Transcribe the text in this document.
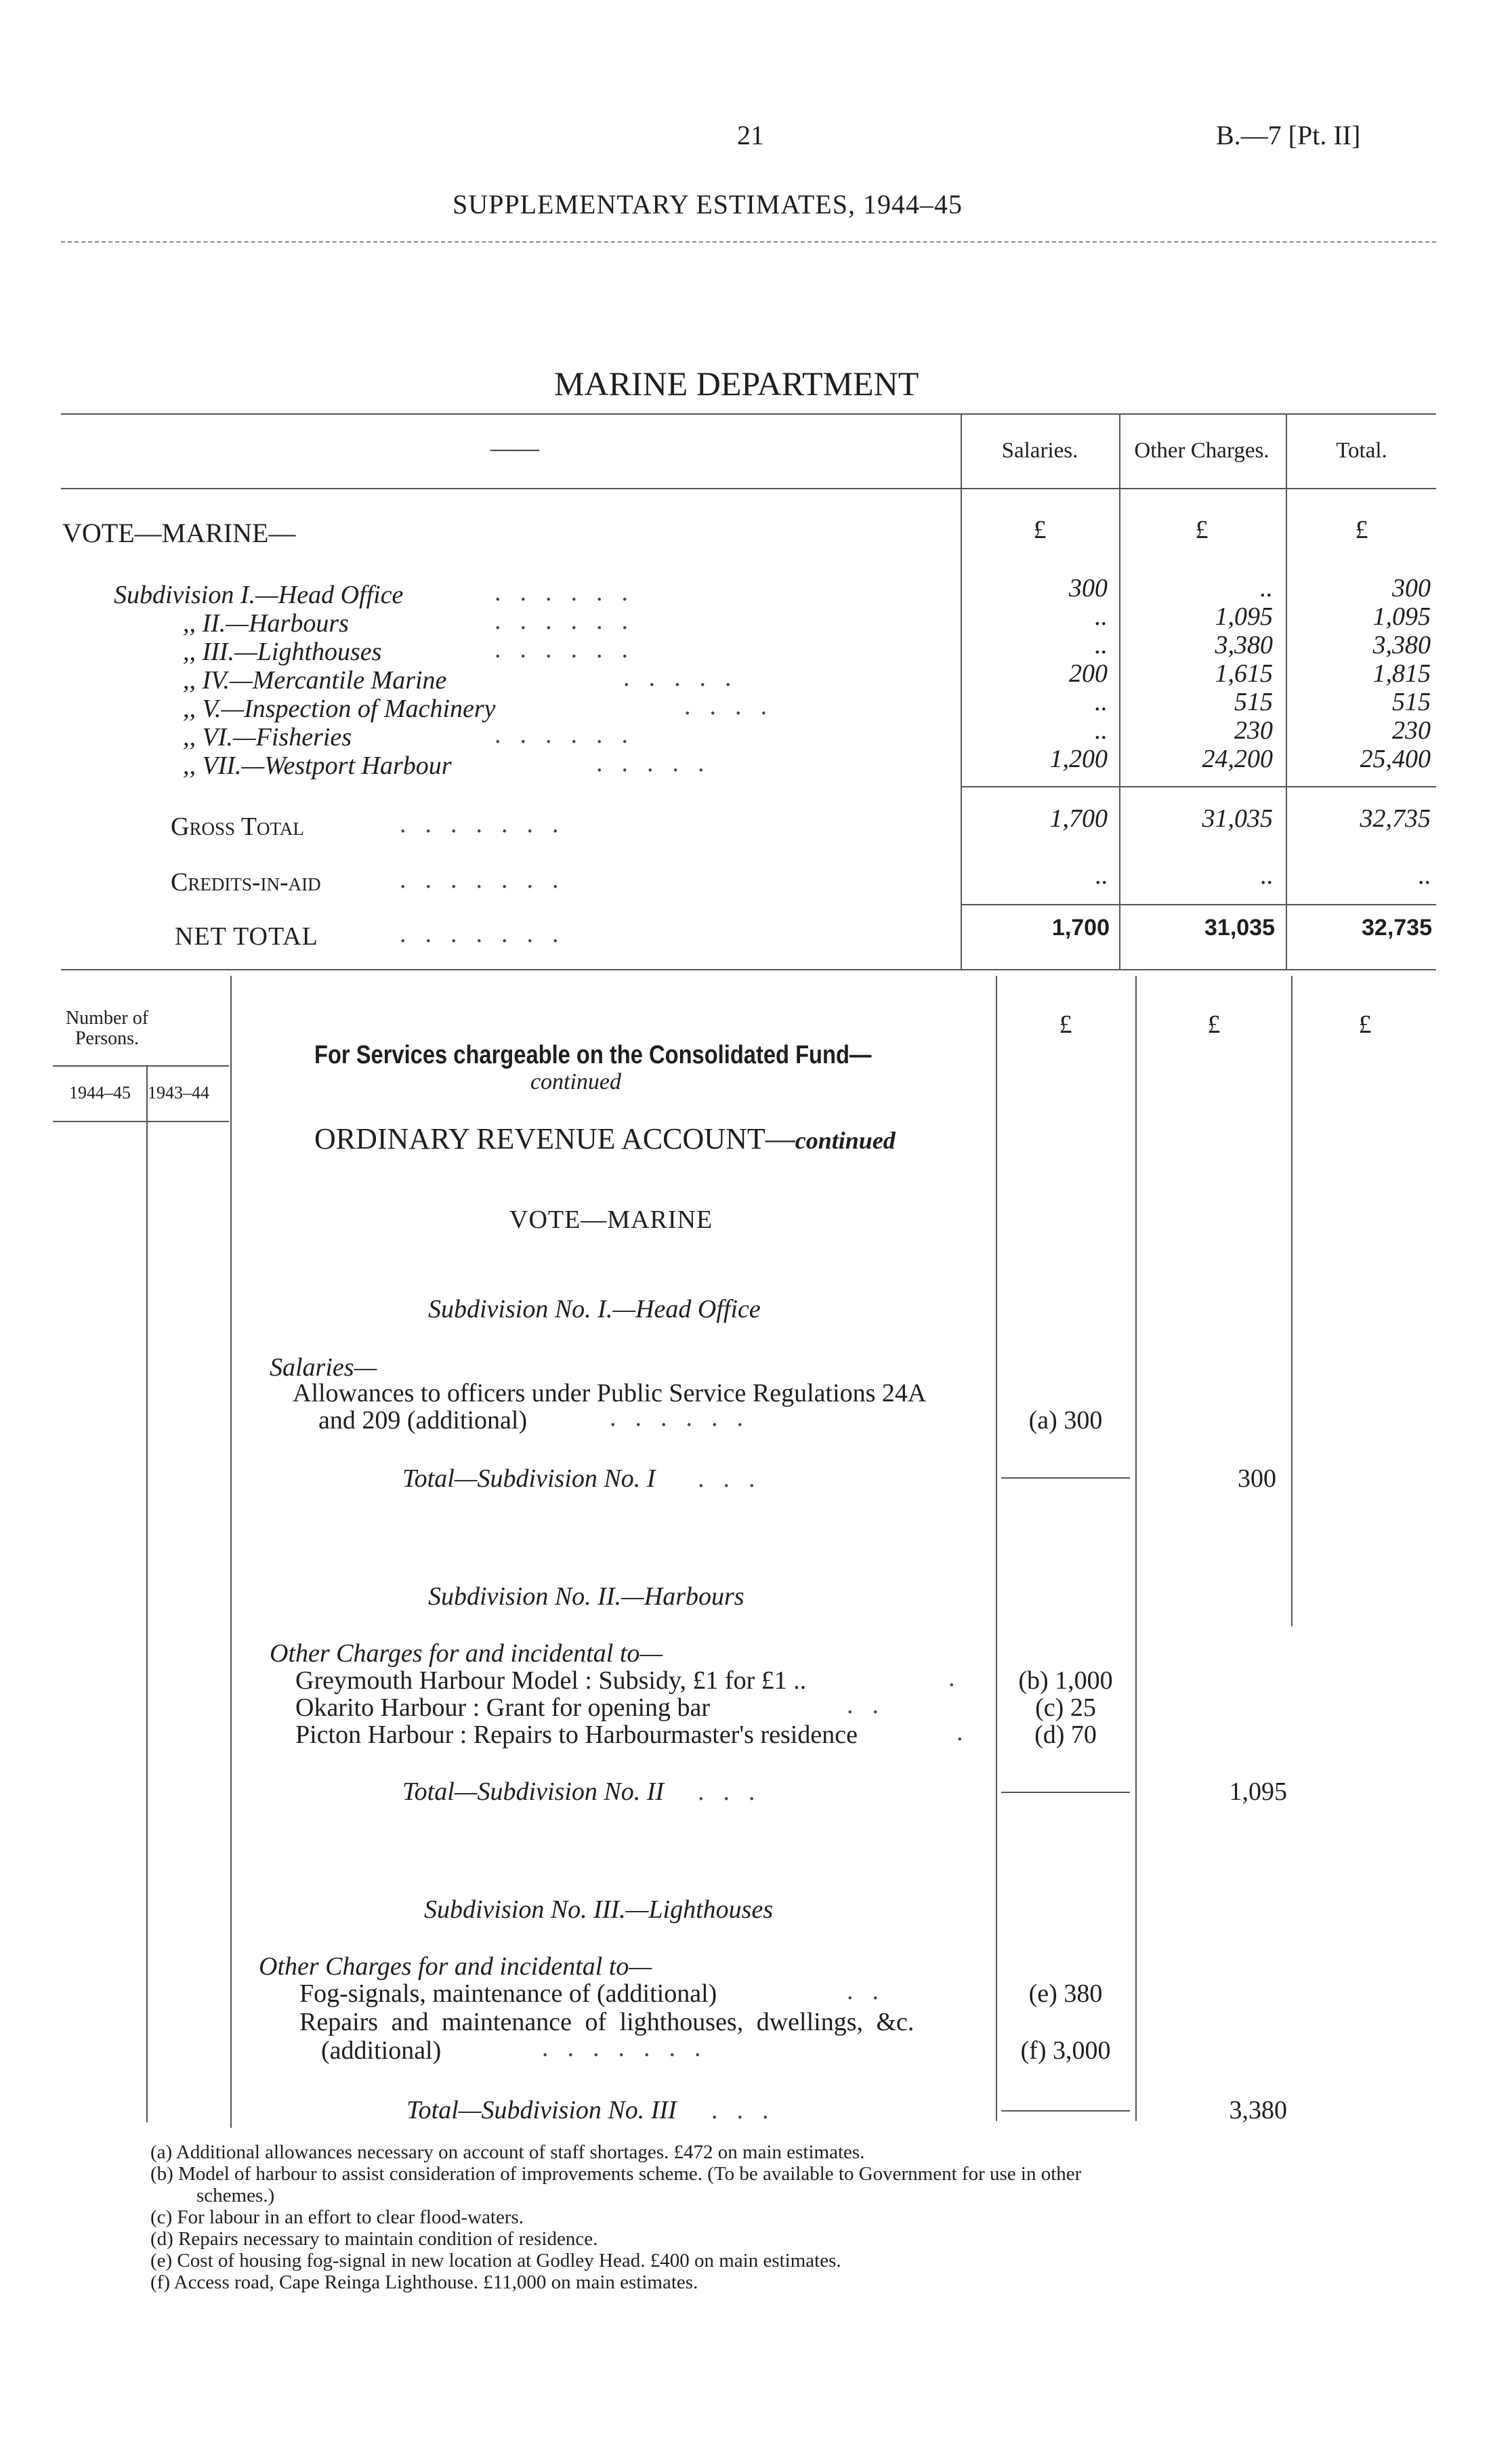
21	B.—7 [Pt. II]
SUPPLEMENTARY ESTIMATES, 1944–45
MARINE DEPARTMENT
——	Salaries.	Other Charges.	Total.
VOTE—MARINE—	£	£	£
Subdivision I.—Head Office	......	300	..	300
,, II.—Harbours	......	..	1,095	1,095
,, III.—Lighthouses	......	..	3,380	3,380
,, IV.—Mercantile Marine	.....	200	1,615	1,815
,, V.—Inspection of Machinery	....	..	515	515
,, VI.—Fisheries	......	..	230	230
,, VII.—Westport Harbour	.....	1,200	24,200	25,400
Gross Total	.......	1,700	31,035	32,735
Credits-in-aid	.......	..	..	..
NET TOTAL	.......	1,700	31,035	32,735
Number of Persons.
1944–45 1943–44
£	£	£
For Services chargeable on the Consolidated Fund—
continued
ORDINARY REVENUE ACCOUNT—continued
VOTE—MARINE
Subdivision No. I.—Head Office
Salaries—
Allowances to officers under Public Service Regulations 24A
and 209 (additional)	......	(a) 300
Total—Subdivision No. I ...	300
Subdivision No. II.—Harbours
Other Charges for and incidental to—
Greymouth Harbour Model : Subsidy, £1 for £1 ..	.	(b) 1,000
Okarito Harbour : Grant for opening bar	..	(c) 25
Picton Harbour : Repairs to Harbourmaster's residence	.	(d) 70
Total—Subdivision No. II ...	1,095
Subdivision No. III.—Lighthouses
Other Charges for and incidental to—
Fog-signals, maintenance of (additional)	..	(e) 380
Repairs and maintenance of lighthouses, dwellings, &c.
(additional)	.......	(f) 3,000
Total—Subdivision No. III ...	3,380
(a) Additional allowances necessary on account of staff shortages. £472 on main estimates.
(b) Model of harbour to assist consideration of improvements scheme. (To be available to Government for use in other
schemes.)
(c) For labour in an effort to clear flood-waters.
(d) Repairs necessary to maintain condition of residence.
(e) Cost of housing fog-signal in new location at Godley Head. £400 on main estimates.
(f) Access road, Cape Reinga Lighthouse. £11,000 on main estimates.
